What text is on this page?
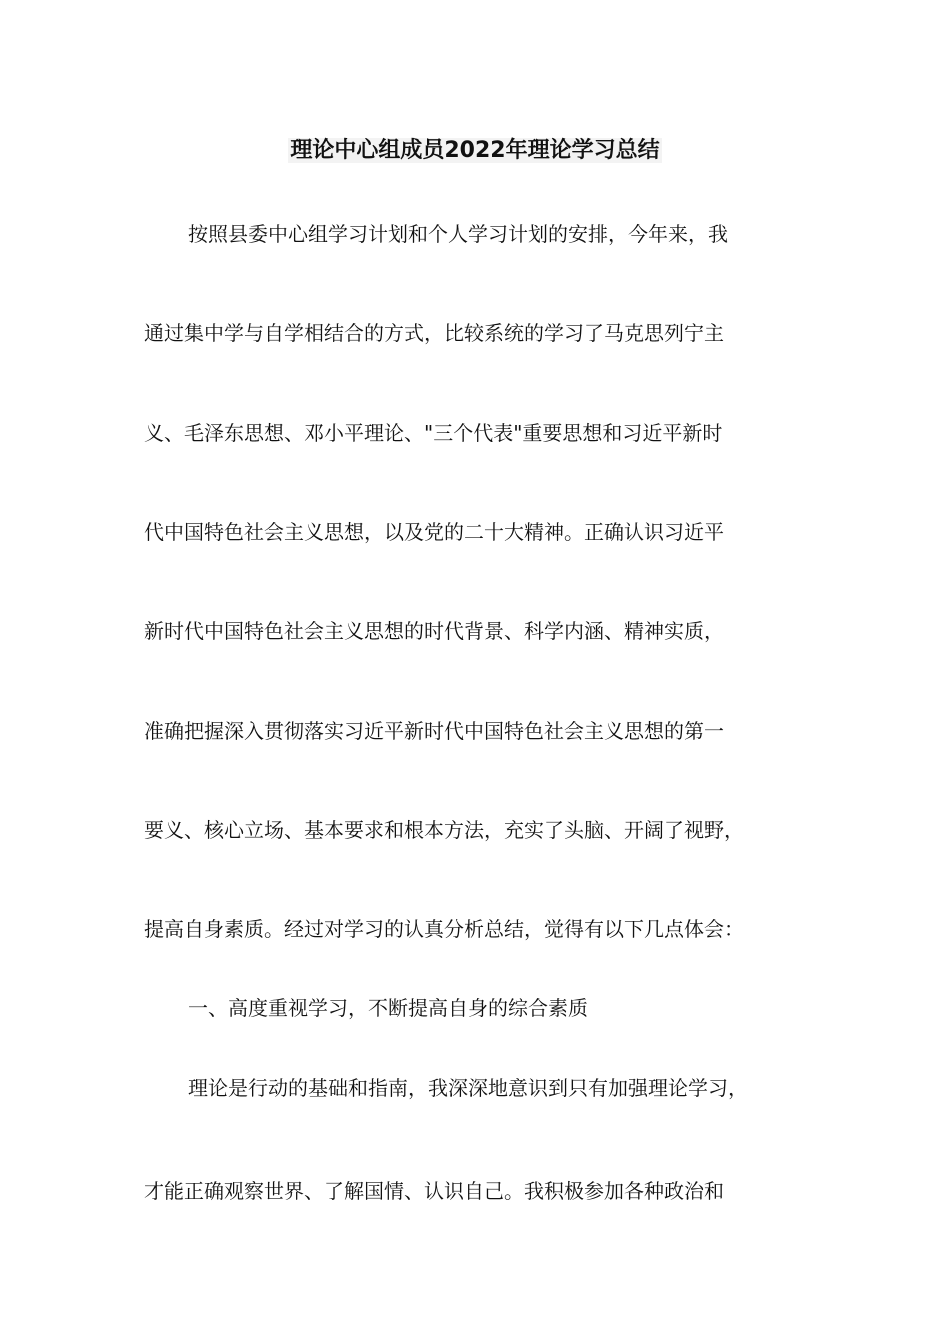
理论中心组成员2022年理论学习总结
按照县委中心组学习计划和个人学习计划的安排，今年来，我
通过集中学与自学相结合的方式，比较系统的学习了马克思列宁主
义、毛泽东思想、邓小平理论、"三个代表"重要思想和习近平新时
代中国特色社会主义思想，以及党的二十大精神。正确认识习近平
新时代中国特色社会主义思想的时代背景、科学内涵、精神实质，
准确把握深入贯彻落实习近平新时代中国特色社会主义思想的第一
要义、核心立场、基本要求和根本方法，充实了头脑、开阔了视野，
提高自身素质。经过对学习的认真分析总结，觉得有以下几点体会：
一、高度重视学习，不断提高自身的综合素质
理论是行动的基础和指南，我深深地意识到只有加强理论学习，
才能正确观察世界、了解国情、认识自己。我积极参加各种政治和
